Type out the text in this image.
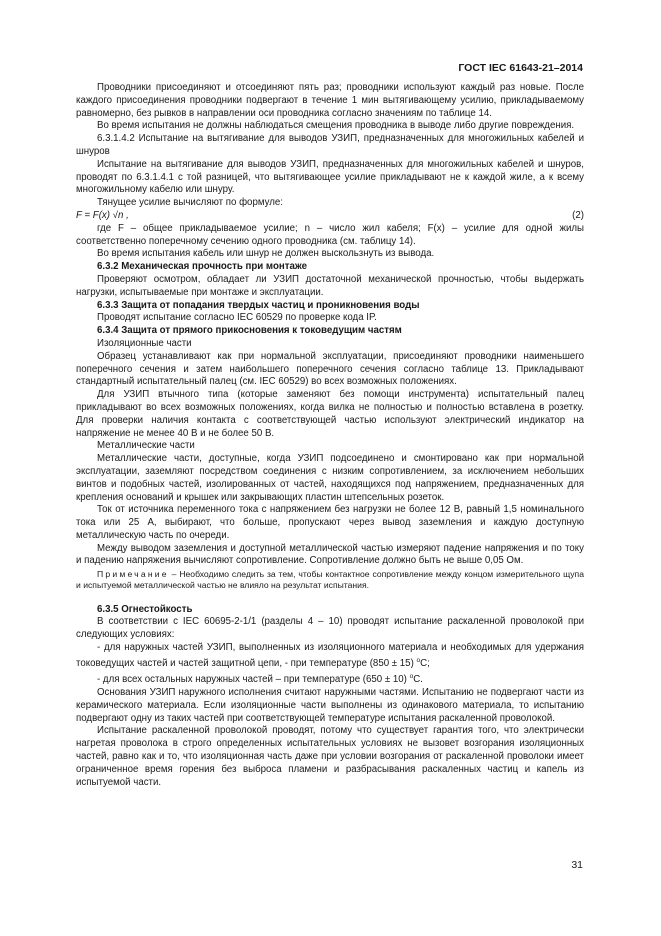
ГОСТ IEC 61643-21–2014

Проводники присоединяют и отсоединяют пять раз; проводники используют каждый раз новые. После каждого присоединения проводники подвергают в течение 1 мин вытягивающему усилию, прикладываемому равномерно, без рывков в направлении оси проводника согласно значениям по таблице 14.

Во время испытания не должны наблюдаться смещения проводника в выводе либо другие повреждения.

6.3.1.4.2 Испытание на вытягивание для выводов УЗИП, предназначенных для многожильных кабелей и шнуров

Испытание на вытягивание для выводов УЗИП, предназначенных для многожильных кабелей и шнуров, проводят по 6.3.1.4.1 с той разницей, что вытягивающее усилие прикладывают не к каждой жиле, а к всему многожильному кабелю или шнуру.

Тянущее усилие вычисляют по формуле:

F = F(x) √n ,	(2)

где F – общее прикладываемое усилие; n – число жил кабеля; F(x) – усилие для одной жилы соответственно поперечному сечению одного проводника (см. таблицу 14).

Во время испытания кабель или шнур не должен выскользнуть из вывода.

6.3.2 Механическая прочность при монтаже

Проверяют осмотром, обладает ли УЗИП достаточной механической прочностью, чтобы выдержать нагрузки, испытываемые при монтаже и эксплуатации.

6.3.3 Защита от попадания твердых частиц и проникновения воды

Проводят испытание согласно IEC 60529 по проверке кода IP.

6.3.4 Защита от прямого прикосновения к токоведущим частям

Изоляционные части

Образец устанавливают как при нормальной эксплуатации, присоединяют проводники наименьшего поперечного сечения и затем наибольшего поперечного сечения согласно таблице 13. Прикладывают стандартный испытательный палец (см. IEC 60529) во всех возможных положениях.

Для УЗИП втычного типа (которые заменяют без помощи инструмента) испытательный палец прикладывают во всех возможных положениях, когда вилка не полностью и полностью вставлена в розетку. Для проверки наличия контакта с соответствующей частью используют электрический индикатор на напряжение не менее 40 В и не более 50 В.

Металлические части

Металлические части, доступные, когда УЗИП подсоединено и смонтировано как при нормальной эксплуатации, заземляют посредством соединения с низким сопротивлением, за исключением небольших винтов и подобных частей, изолированных от частей, находящихся под напряжением, предназначенных для крепления оснований и крышек или закрывающих пластин штепсельных розеток.

Ток от источника переменного тока с напряжением без нагрузки не более 12 В, равный 1,5 номинального тока или 25 А, выбирают, что больше, пропускают через вывод заземления и каждую доступную металлическую часть по очереди.

Между выводом заземления и доступной металлической частью измеряют падение напряжения и по току и падению напряжения вычисляют сопротивление. Сопротивление должно быть не выше 0,05 Ом.

Примечание – Необходимо следить за тем, чтобы контактное сопротивление между концом измерительного щупа и испытуемой металлической частью не влияло на результат испытания.

6.3.5 Огнестойкость

В соответствии с IEC 60695-2-1/1 (разделы 4 – 10) проводят испытание раскаленной проволокой при следующих условиях:

- для наружных частей УЗИП, выполненных из изоляционного материала и необходимых для удержания токоведущих частей и частей защитной цепи, - при температуре (850 ± 15) $^o$С;

- для всех остальных наружных частей – при температуре (650 ± 10) $^o$С.

Основания УЗИП наружного исполнения считают наружными частями. Испытанию не подвергают части из керамического материала. Если изоляционные части выполнены из одинакового материала, то испытанию подвергают одну из таких частей при соответствующей температуре испытания раскаленной проволокой.

Испытание раскаленной проволокой проводят, потому что существует гарантия того, что электрически нагретая проволока в строго определенных испытательных условиях не вызовет возгорания изоляционных частей, равно как и то, что изоляционная часть даже при условии возгорания от раскаленной проволоки имеет ограниченное время горения без выброса пламени и разбрасывания раскаленных частиц и капель из испытуемой части.

31
